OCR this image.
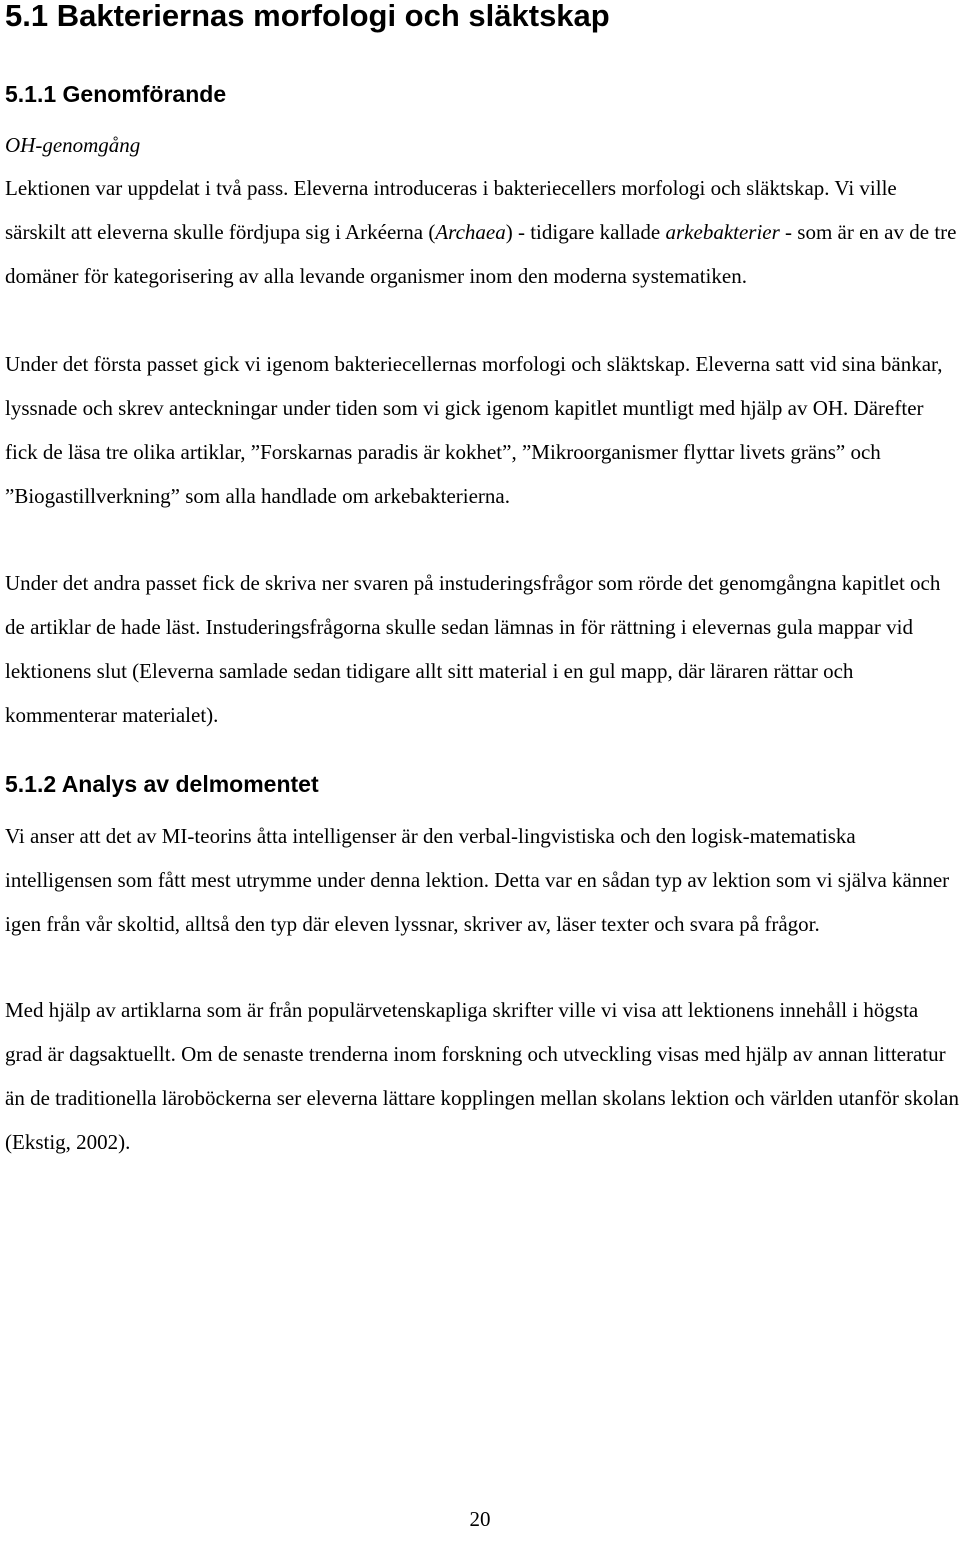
5.1 Bakteriernas morfologi och släktskap
5.1.1 Genomförande
OH-genomgång

Lektionen var uppdelat i två pass. Eleverna introduceras i bakteriecellers morfologi och släktskap. Vi ville särskilt att eleverna skulle fördjupa sig i Arkéerna (Archaea) - tidigare kallade arkebakterier - som är en av de tre domäner för kategorisering av alla levande organismer inom den moderna systematiken.

Under det första passet gick vi igenom bakteriecellernas morfologi och släktskap. Eleverna satt vid sina bänkar, lyssnade och skrev anteckningar under tiden som vi gick igenom kapitlet muntligt med hjälp av OH. Därefter fick de läsa tre olika artiklar, ”Forskarnas paradis är kokhet”, ”Mikroorganismer flyttar livets gräns” och ”Biogastillverkning” som alla handlade om arkebakterierna.

Under det andra passet fick de skriva ner svaren på instuderingsfrågor som rörde det genomgångna kapitlet och de artiklar de hade läst. Instuderingsfrågorna skulle sedan lämnas in för rättning i elevernas gula mappar vid lektionens slut (Eleverna samlade sedan tidigare allt sitt material i en gul mapp, där läraren rättar och kommenterar materialet).

5.1.2 Analys av delmomentet

Vi anser att det av MI-teorins åtta intelligenser är den verbal-lingvistiska och den logisk-matematiska intelligensen som fått mest utrymme under denna lektion. Detta var en sådan typ av lektion som vi själva känner igen från vår skoltid, alltså den typ där eleven lyssnar, skriver av, läser texter och svara på frågor.

Med hjälp av artiklarna som är från populärvetenskapliga skrifter ville vi visa att lektionens innehåll i högsta grad är dagsaktuellt. Om de senaste trenderna inom forskning och utveckling visas med hjälp av annan litteratur än de traditionella läroböckerna ser eleverna lättare kopplingen mellan skolans lektion och världen utanför skolan (Ekstig, 2002).

20
